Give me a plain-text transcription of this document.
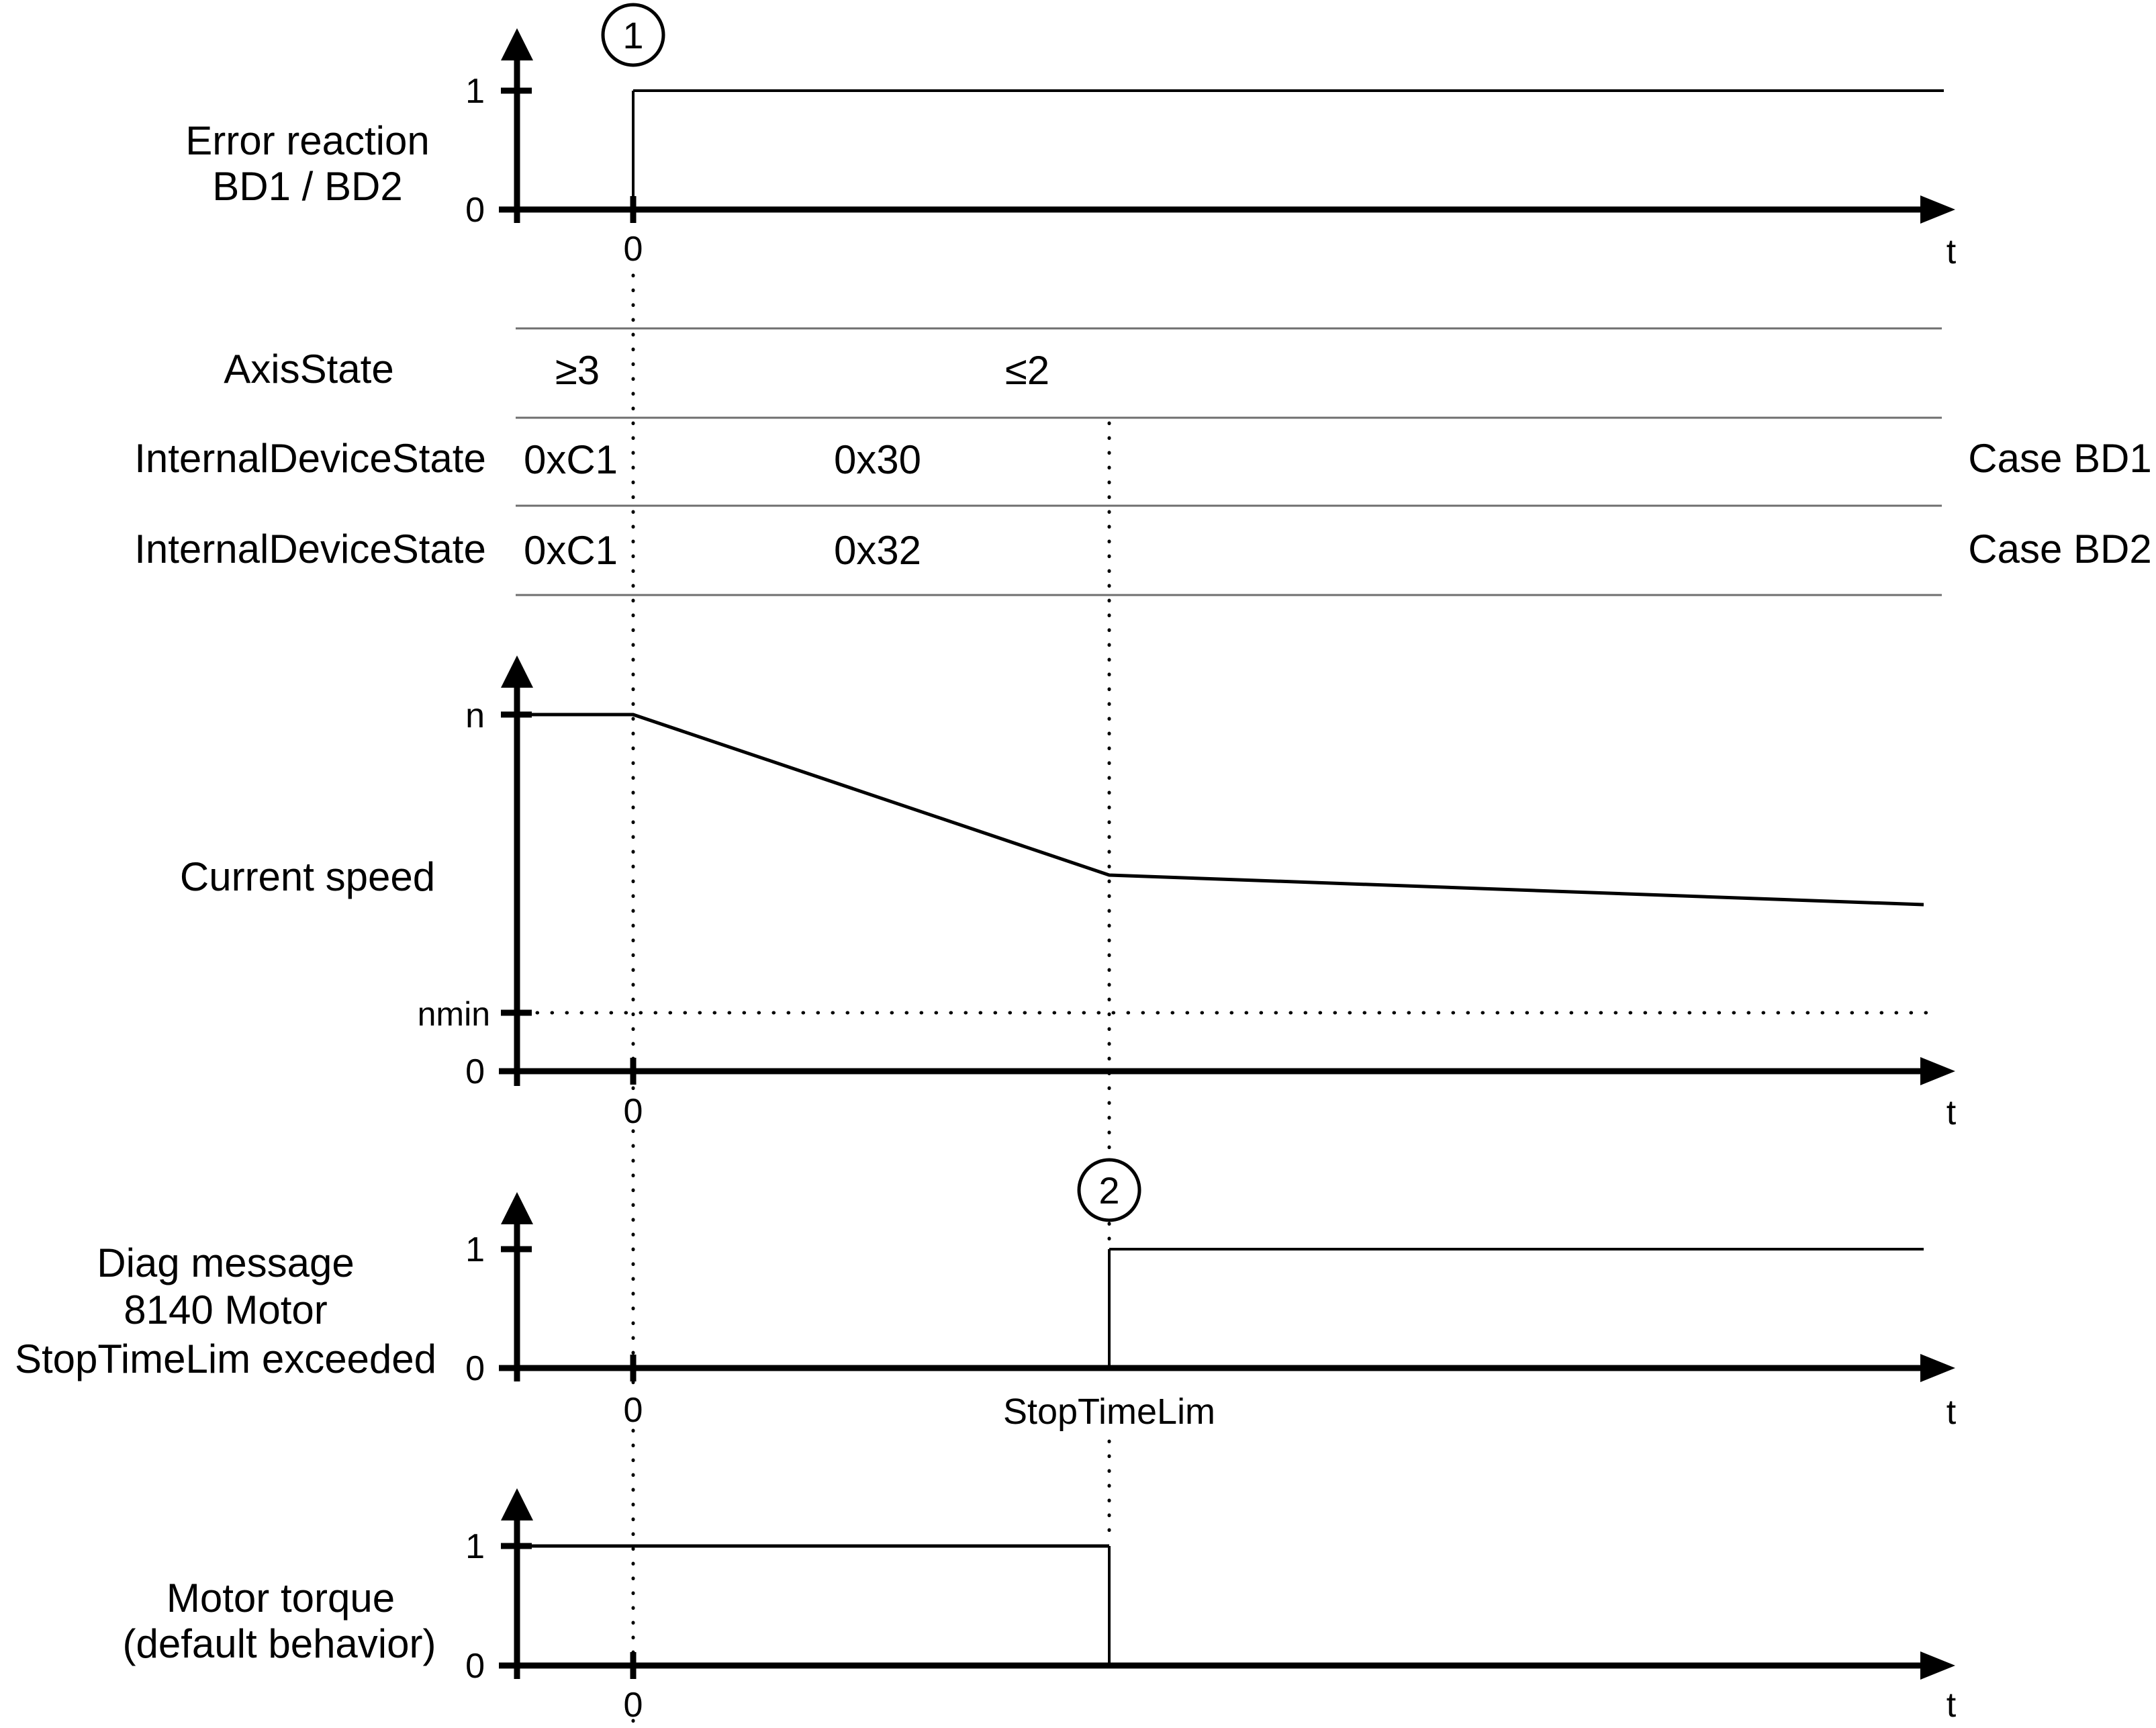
Error reaction
BD1 / BD2
1
1
0
0	t
AxisState	≥3	≤2
InternalDeviceState 0xC1	0x30	Case BD1
InternalDeviceState 0xC1	0x32	Case BD2
Current speed
n
nmin
0
0	t
Diag message
8140 Motor
StopTimeLim exceeded
2
1
0
0	StopTimeLim	t
Motor torque
(default behavior)
1
0
0	t
